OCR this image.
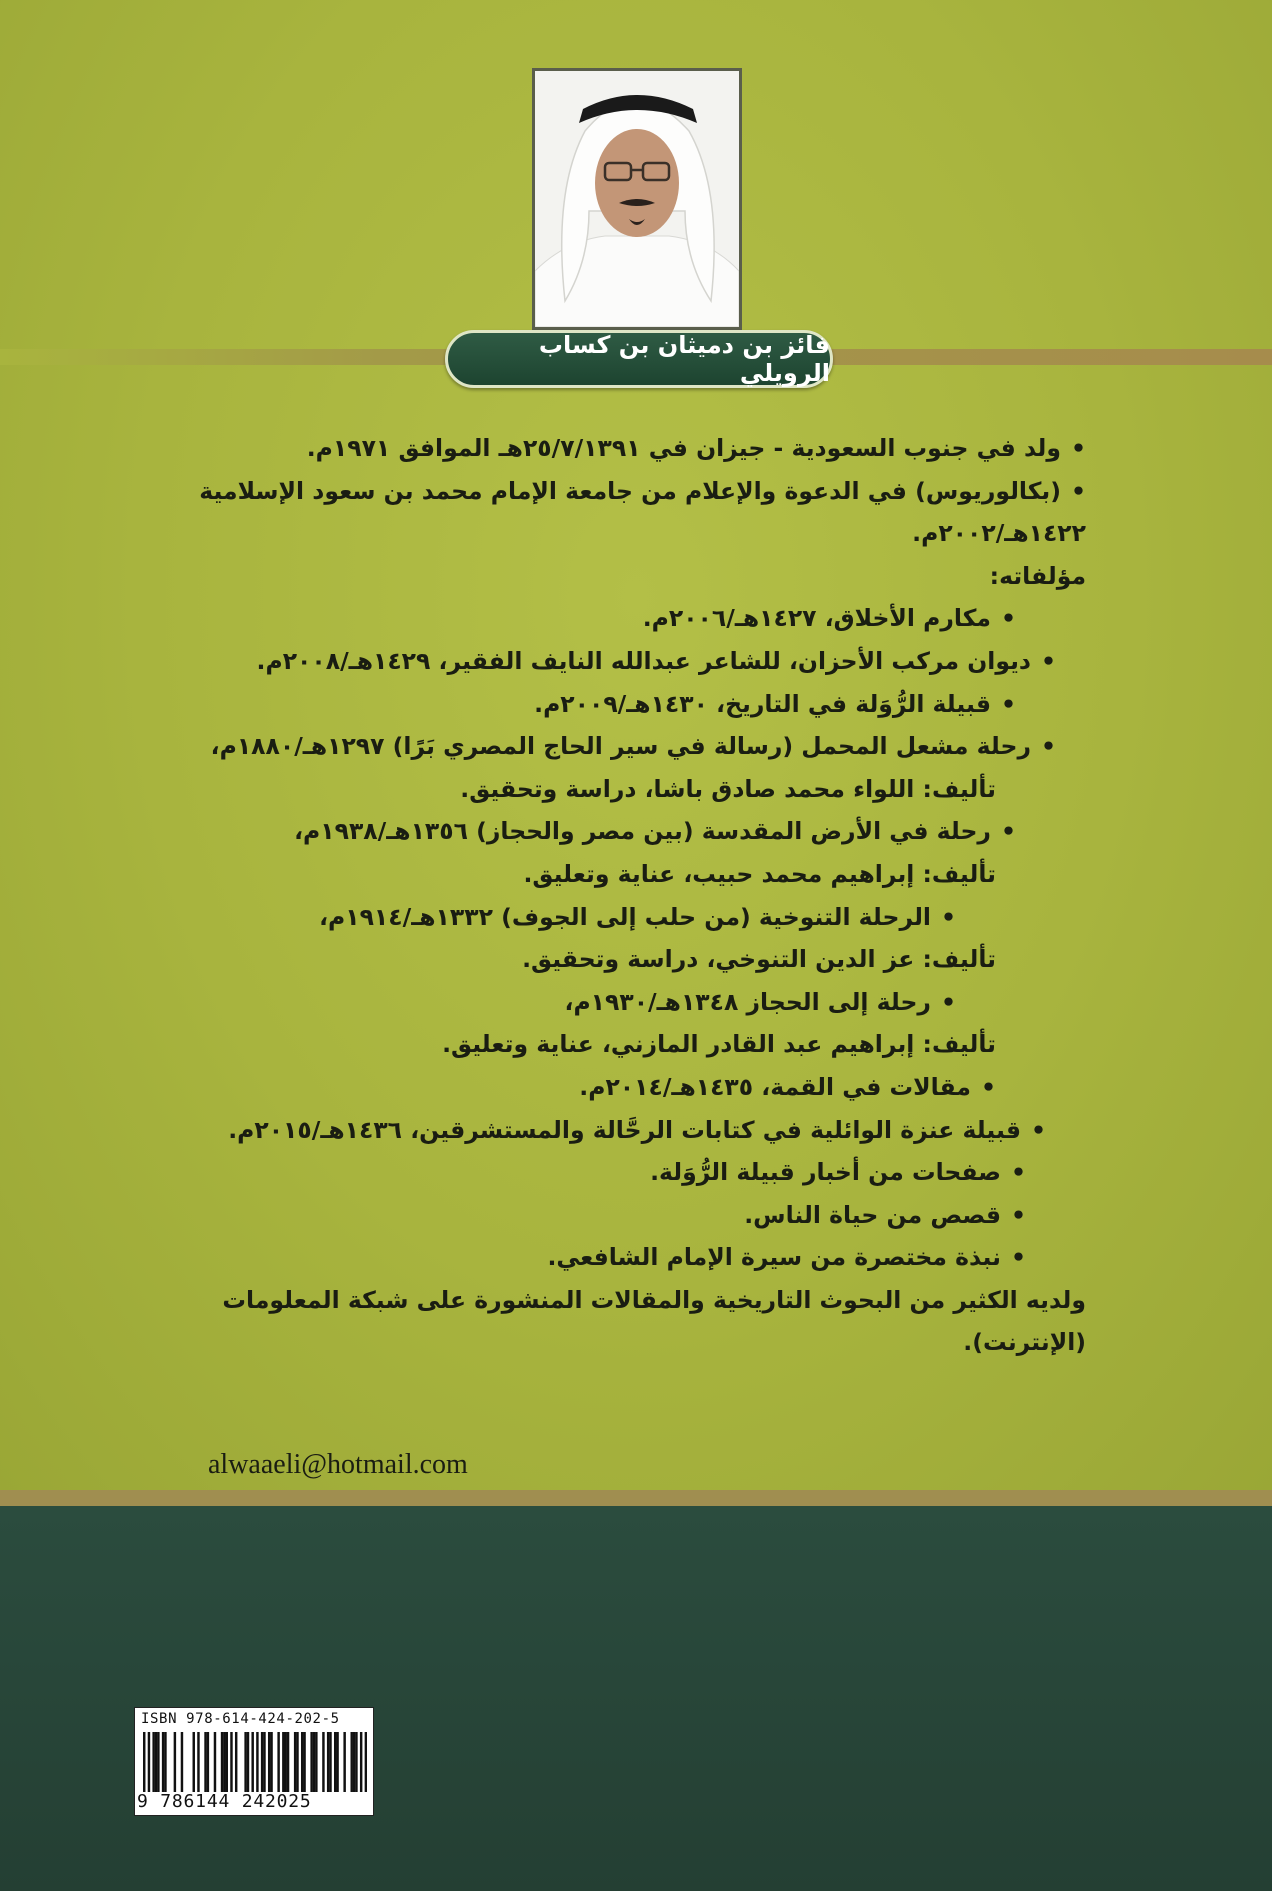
فائز بن دميثان بن كساب الرويلي

• ولد في جنوب السعودية - جيزان في ٢٥/٧/١٣٩١هـ الموافق ١٩٧١م.

• (بكالوريوس) في الدعوة والإعلام من جامعة الإمام محمد بن سعود الإسلامية

١٤٢٢هـ/٢٠٠٢م.

مؤلفاته:

• مكارم الأخلاق، ١٤٢٧هـ/٢٠٠٦م.

• ديوان مركب الأحزان، للشاعر عبدالله النايف الفقير، ١٤٢٩هـ/٢٠٠٨م.

• قبيلة الرُّوَلة في التاريخ، ١٤٣٠هـ/٢٠٠٩م.

• رحلة مشعل المحمل (رسالة في سير الحاج المصري بَرًا) ١٢٩٧هـ/١٨٨٠م،

تأليف: اللواء محمد صادق باشا، دراسة وتحقيق.

• رحلة في الأرض المقدسة (بين مصر والحجاز) ١٣٥٦هـ/١٩٣٨م،

تأليف: إبراهيم محمد حبيب، عناية وتعليق.

• الرحلة التنوخية (من حلب إلى الجوف) ١٣٣٢هـ/١٩١٤م،

تأليف: عز الدين التنوخي، دراسة وتحقيق.

• رحلة إلى الحجاز ١٣٤٨هـ/١٩٣٠م،

تأليف: إبراهيم عبد القادر المازني، عناية وتعليق.

• مقالات في القمة، ١٤٣٥هـ/٢٠١٤م.

• قبيلة عنزة الوائلية في كتابات الرحَّالة والمستشرقين، ١٤٣٦هـ/٢٠١٥م.

• صفحات من أخبار قبيلة الرُّوَلة.

• قصص من حياة الناس.

• نبذة مختصرة من سيرة الإمام الشافعي.

ولديه الكثير من البحوث التاريخية والمقالات المنشورة على شبكة المعلومات

(الإنترنت).

alwaaeli@hotmail.com
ISBN 978-614-424-202-5
9 786144 242025
